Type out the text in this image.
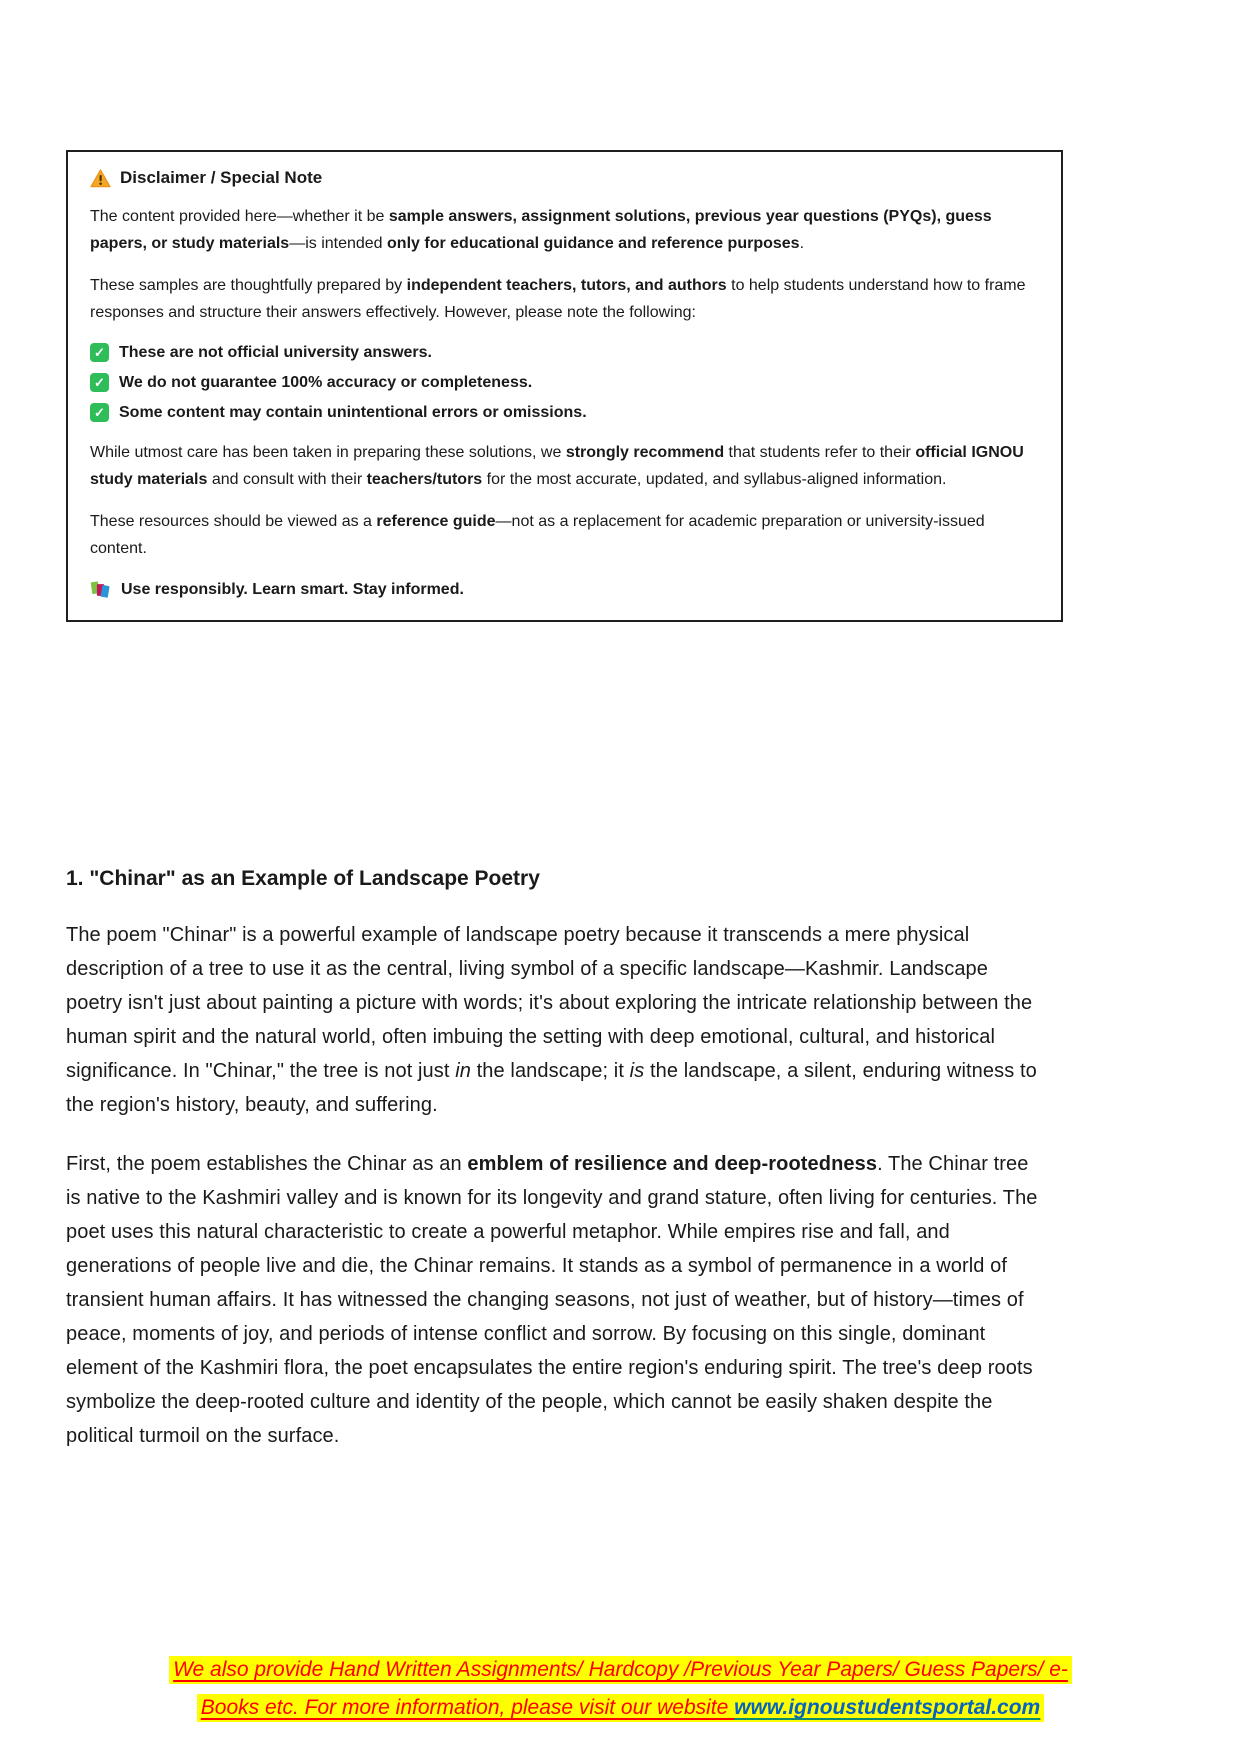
Disclaimer / Special Note

The content provided here—whether it be sample answers, assignment solutions, previous year questions (PYQs), guess papers, or study materials—is intended only for educational guidance and reference purposes.

These samples are thoughtfully prepared by independent teachers, tutors, and authors to help students understand how to frame responses and structure their answers effectively. However, please note the following:

✓ These are not official university answers.
✓ We do not guarantee 100% accuracy or completeness.
✓ Some content may contain unintentional errors or omissions.

While utmost care has been taken in preparing these solutions, we strongly recommend that students refer to their official IGNOU study materials and consult with their teachers/tutors for the most accurate, updated, and syllabus-aligned information.

These resources should be viewed as a reference guide—not as a replacement for academic preparation or university-issued content.

Use responsibly. Learn smart. Stay informed.
1. "Chinar" as an Example of Landscape Poetry

The poem "Chinar" is a powerful example of landscape poetry because it transcends a mere physical description of a tree to use it as the central, living symbol of a specific landscape—Kashmir. Landscape poetry isn't just about painting a picture with words; it's about exploring the intricate relationship between the human spirit and the natural world, often imbuing the setting with deep emotional, cultural, and historical significance. In "Chinar," the tree is not just in the landscape; it is the landscape, a silent, enduring witness to the region's history, beauty, and suffering.

First, the poem establishes the Chinar as an emblem of resilience and deep-rootedness. The Chinar tree is native to the Kashmiri valley and is known for its longevity and grand stature, often living for centuries. The poet uses this natural characteristic to create a powerful metaphor. While empires rise and fall, and generations of people live and die, the Chinar remains. It stands as a symbol of permanence in a world of transient human affairs. It has witnessed the changing seasons, not just of weather, but of history—times of peace, moments of joy, and periods of intense conflict and sorrow. By focusing on this single, dominant element of the Kashmiri flora, the poet encapsulates the entire region's enduring spirit. The tree's deep roots symbolize the deep-rooted culture and identity of the people, which cannot be easily shaken despite the political turmoil on the surface.

We also provide Hand Written Assignments/ Hardcopy /Previous Year Papers/ Guess Papers/ e-
Books etc. For more information, please visit our website www.ignoustudentsportal.com
